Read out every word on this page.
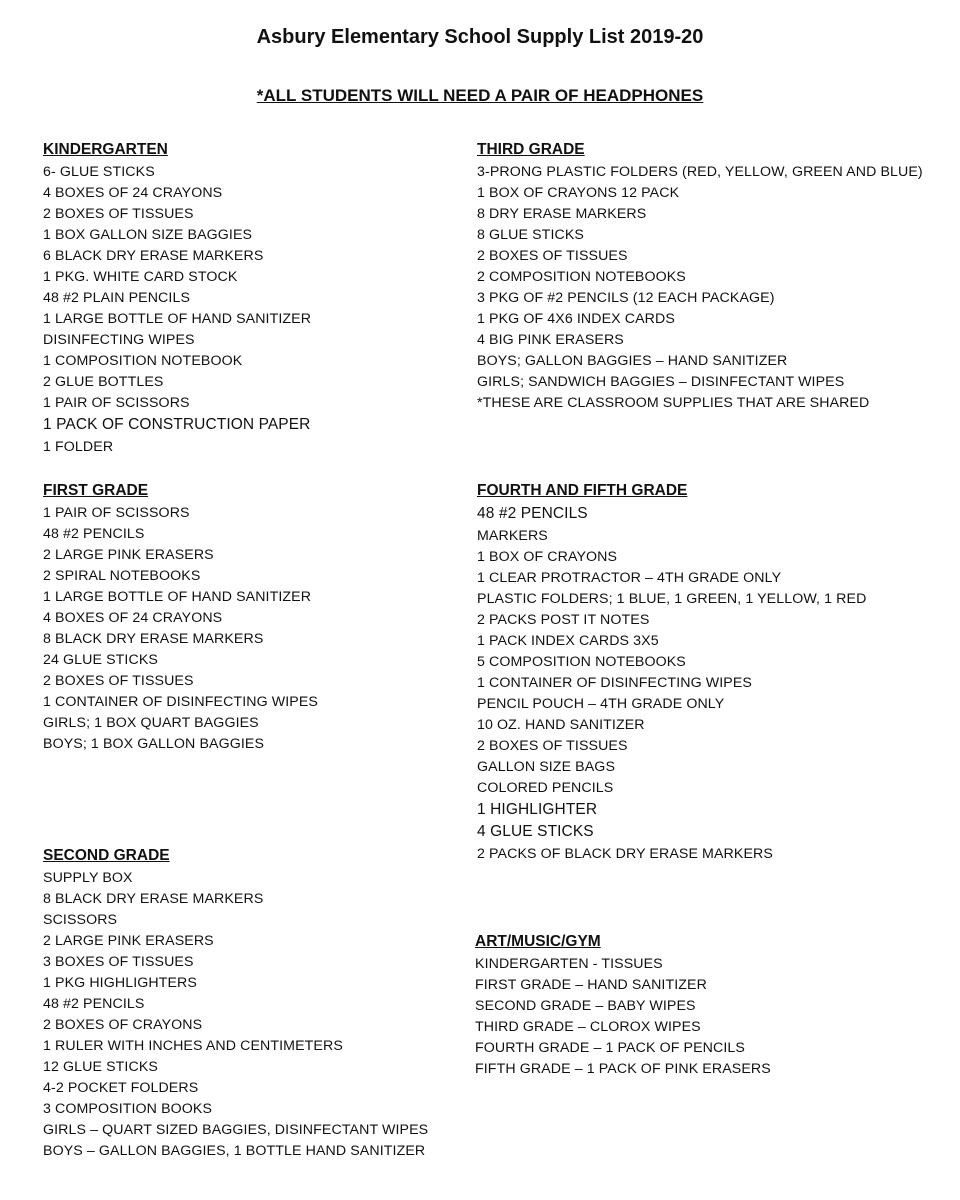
Asbury Elementary School Supply List 2019-20
*ALL STUDENTS WILL NEED A PAIR OF HEADPHONES
KINDERGARTEN
6- GLUE STICKS
4 BOXES OF 24 CRAYONS
2 BOXES OF TISSUES
1 BOX GALLON SIZE BAGGIES
6 BLACK DRY ERASE MARKERS
1 PKG. WHITE CARD STOCK
48 #2 PLAIN PENCILS
1 LARGE BOTTLE OF HAND SANITIZER
DISINFECTING WIPES
1 COMPOSITION NOTEBOOK
2 GLUE BOTTLES
1 PAIR OF SCISSORS
1 PACK OF CONSTRUCTION PAPER
1 FOLDER
FIRST GRADE
1 PAIR OF SCISSORS
48 #2 PENCILS
2 LARGE PINK ERASERS
2 SPIRAL NOTEBOOKS
1 LARGE BOTTLE OF HAND SANITIZER
4 BOXES OF 24 CRAYONS
8 BLACK DRY ERASE MARKERS
24 GLUE STICKS
2 BOXES OF TISSUES
1 CONTAINER OF DISINFECTING WIPES
GIRLS; 1 BOX QUART BAGGIES
BOYS; 1 BOX GALLON BAGGIES
SECOND GRADE
SUPPLY BOX
8 BLACK DRY ERASE MARKERS
SCISSORS
2 LARGE PINK ERASERS
3 BOXES OF TISSUES
1 PKG HIGHLIGHTERS
48 #2 PENCILS
2 BOXES OF CRAYONS
1 RULER WITH INCHES AND CENTIMETERS
12 GLUE STICKS
4-2 POCKET FOLDERS
3 COMPOSITION BOOKS
GIRLS – QUART SIZED BAGGIES, DISINFECTANT WIPES
BOYS – GALLON BAGGIES, 1 BOTTLE HAND SANITIZER
THIRD GRADE
3-PRONG PLASTIC FOLDERS (RED, YELLOW, GREEN AND BLUE)
1 BOX OF CRAYONS 12 PACK
8 DRY ERASE MARKERS
8 GLUE STICKS
2 BOXES OF TISSUES
2 COMPOSITION NOTEBOOKS
3 PKG OF #2 PENCILS (12 EACH PACKAGE)
1 PKG OF 4X6 INDEX CARDS
4 BIG PINK ERASERS
BOYS; GALLON BAGGIES – HAND SANITIZER
GIRLS; SANDWICH BAGGIES – DISINFECTANT WIPES
*THESE ARE CLASSROOM SUPPLIES THAT ARE SHARED
FOURTH AND FIFTH GRADE
48 #2 PENCILS
MARKERS
1 BOX OF CRAYONS
1 CLEAR PROTRACTOR – 4TH GRADE ONLY
PLASTIC FOLDERS; 1 BLUE, 1 GREEN, 1 YELLOW, 1 RED
2 PACKS POST IT NOTES
1 PACK INDEX CARDS 3X5
5 COMPOSITION NOTEBOOKS
1 CONTAINER OF DISINFECTING WIPES
PENCIL POUCH – 4TH GRADE ONLY
10 OZ. HAND SANITIZER
2 BOXES OF TISSUES
GALLON SIZE BAGS
COLORED PENCILS
1 HIGHLIGHTER
4 GLUE STICKS
2 PACKS OF BLACK DRY ERASE MARKERS
ART/MUSIC/GYM
KINDERGARTEN - TISSUES
FIRST GRADE – HAND SANITIZER
SECOND GRADE – BABY WIPES
THIRD GRADE – CLOROX WIPES
FOURTH GRADE – 1 PACK OF PENCILS
FIFTH GRADE – 1 PACK OF PINK ERASERS
